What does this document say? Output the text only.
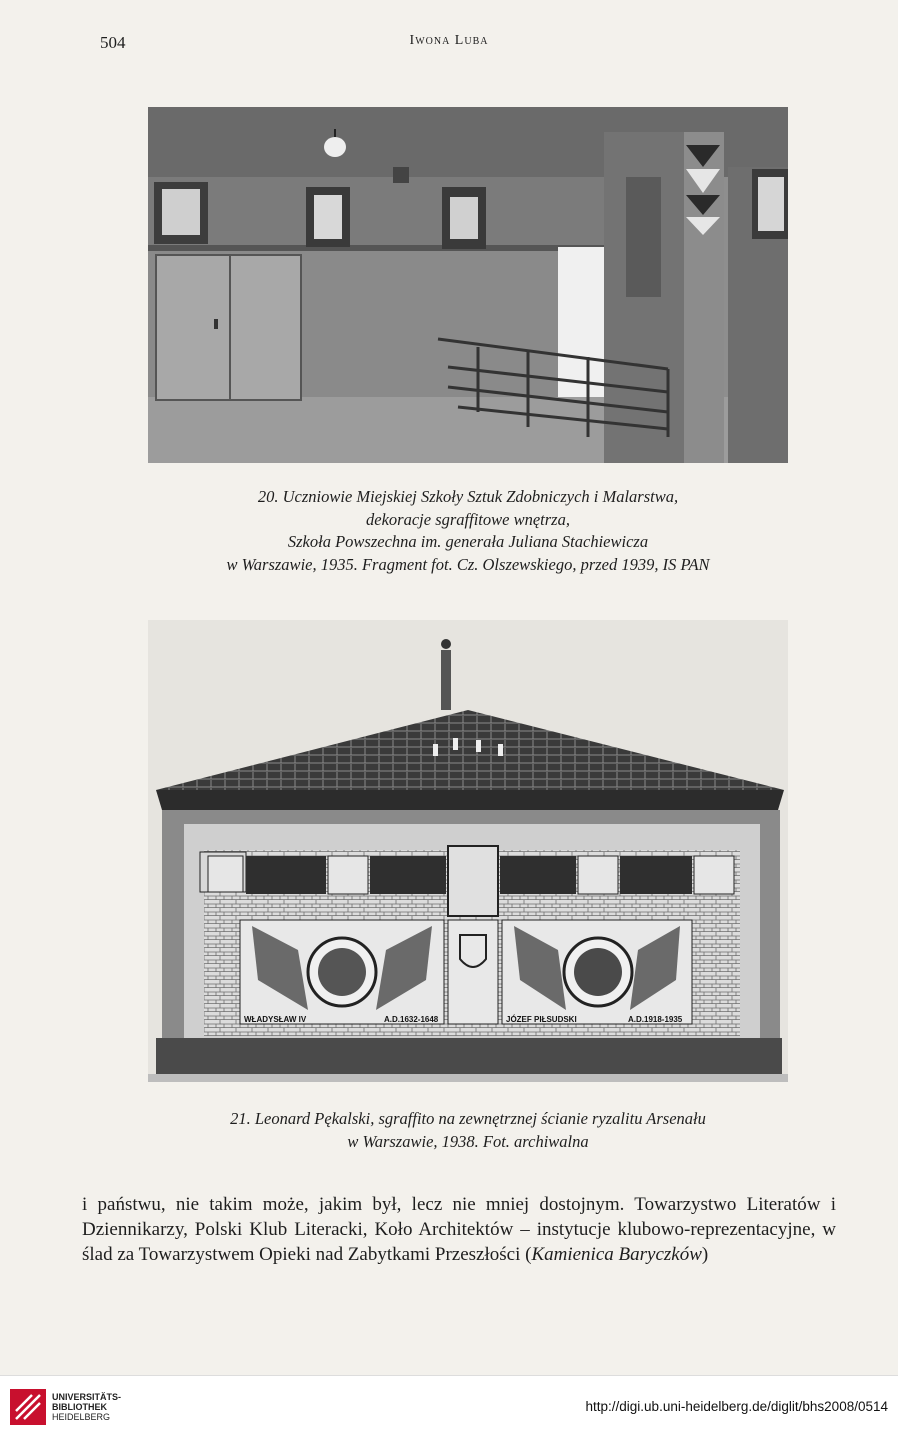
504	Iwona Luba
20. Uczniowie Miejskiej Szkoły Sztuk Zdobniczych i Malarstwa,
dekoracje sgraffitowe wnętrza,
Szkoła Powszechna im. generała Juliana Stachiewicza
w Warszawie, 1935. Fragment fot. Cz. Olszewskiego, przed 1939, IS PAN
WŁADYSŁAW IV	A.D.1632-1648	JÓZEF PIŁSUDSKI	A.D.1918-1935
21. Leonard Pękalski, sgraffito na zewnętrznej ścianie ryzalitu Arsenału
w Warszawie, 1938. Fot. archiwalna

i państwu, nie takim może, jakim był, lecz nie mniej dostojnym. Towarzystwo Literatów i Dziennikarzy, Polski Klub Literacki, Koło Architektów – instytucje klubowo-reprezentacyjne, w ślad za Towarzystwem Opieki nad Zabytkami Przeszłości (Kamienica Baryczków)

UNIVERSITÄTS-
BIBLIOTHEK
HEIDELBERG
http://digi.ub.uni-heidelberg.de/diglit/bhs2008/0514
